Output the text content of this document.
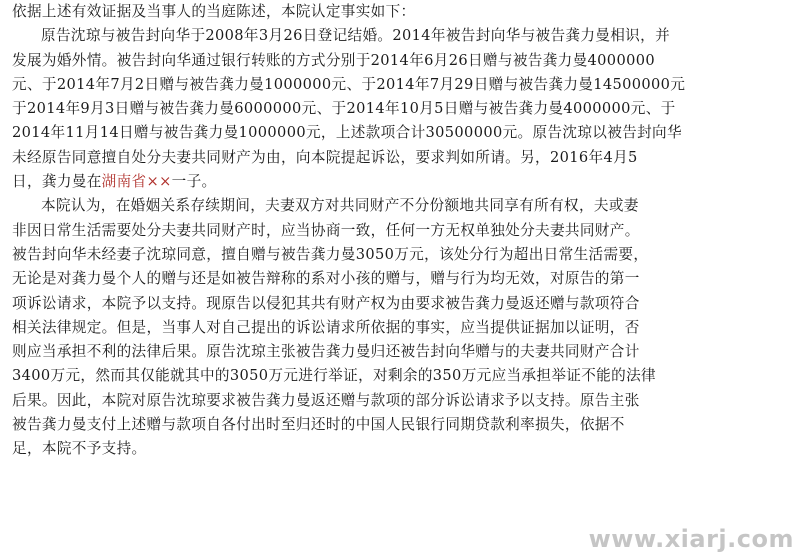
依据上述有效证据及当事人的当庭陈述，本院认定事实如下：
原告沈琼与被告封向华于2008年3月26日登记结婚。2014年被告封向华与被告龚力曼相识，并
发展为婚外情。被告封向华通过银行转账的方式分别于2014年6月26日赠与被告龚力曼4000000
元、于2014年7月2日赠与被告龚力曼1000000元、于2014年7月29日赠与被告龚力曼14500000元
于2014年9月3日赠与被告龚力曼6000000元、于2014年10月5日赠与被告龚力曼4000000元、于
2014年11月14日赠与被告龚力曼1000000元，上述款项合计30500000元。原告沈琼以被告封向华
未经原告同意擅自处分夫妻共同财产为由，向本院提起诉讼，要求判如所请。另，2016年4月5
日，龚力曼在湖南省××一子。
本院认为，在婚姻关系存续期间，夫妻双方对共同财产不分份额地共同享有所有权，夫或妻
非因日常生活需要处分夫妻共同财产时，应当协商一致，任何一方无权单独处分夫妻共同财产。
被告封向华未经妻子沈琼同意，擅自赠与被告龚力曼3050万元，该处分行为超出日常生活需要，
无论是对龚力曼个人的赠与还是如被告辩称的系对小孩的赠与，赠与行为均无效，对原告的第一
项诉讼请求，本院予以支持。现原告以侵犯其共有财产权为由要求被告龚力曼返还赠与款项符合
相关法律规定。但是，当事人对自己提出的诉讼请求所依据的事实，应当提供证据加以证明，否
则应当承担不利的法律后果。原告沈琼主张被告龚力曼归还被告封向华赠与的夫妻共同财产合计
3400万元，然而其仅能就其中的3050万元进行举证，对剩余的350万元应当承担举证不能的法律
后果。因此，本院对原告沈琼要求被告龚力曼返还赠与款项的部分诉讼请求予以支持。原告主张
被告龚力曼支付上述赠与款项自各付出时至归还时的中国人民银行同期贷款利率损失，依据不
足，本院不予支持。
www.xiarj.com
